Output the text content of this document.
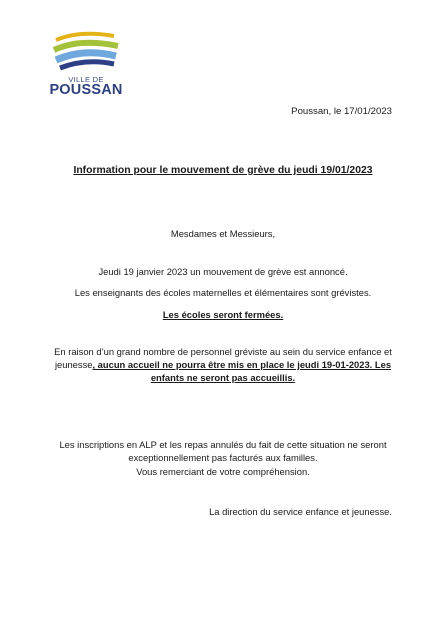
VILLE DE
POUSSAN
Poussan, le 17/01/2023
Information pour le mouvement de grève du jeudi 19/01/2023
Mesdames et Messieurs,
Jeudi 19 janvier 2023 un mouvement de grève est annoncé.
Les enseignants des écoles maternelles et élémentaires sont grévistes.
Les écoles seront fermées.
En raison d’un grand nombre de personnel gréviste au sein du service enfance et jeunesse, aucun accueil ne pourra être mis en place le jeudi 19-01-2023. Les enfants ne seront pas accueillis.
Les inscriptions en ALP et les repas annulés du fait de cette situation ne seront exceptionnellement pas facturés aux familles.
Vous remerciant de votre compréhension.
La direction du service enfance et jeunesse.
